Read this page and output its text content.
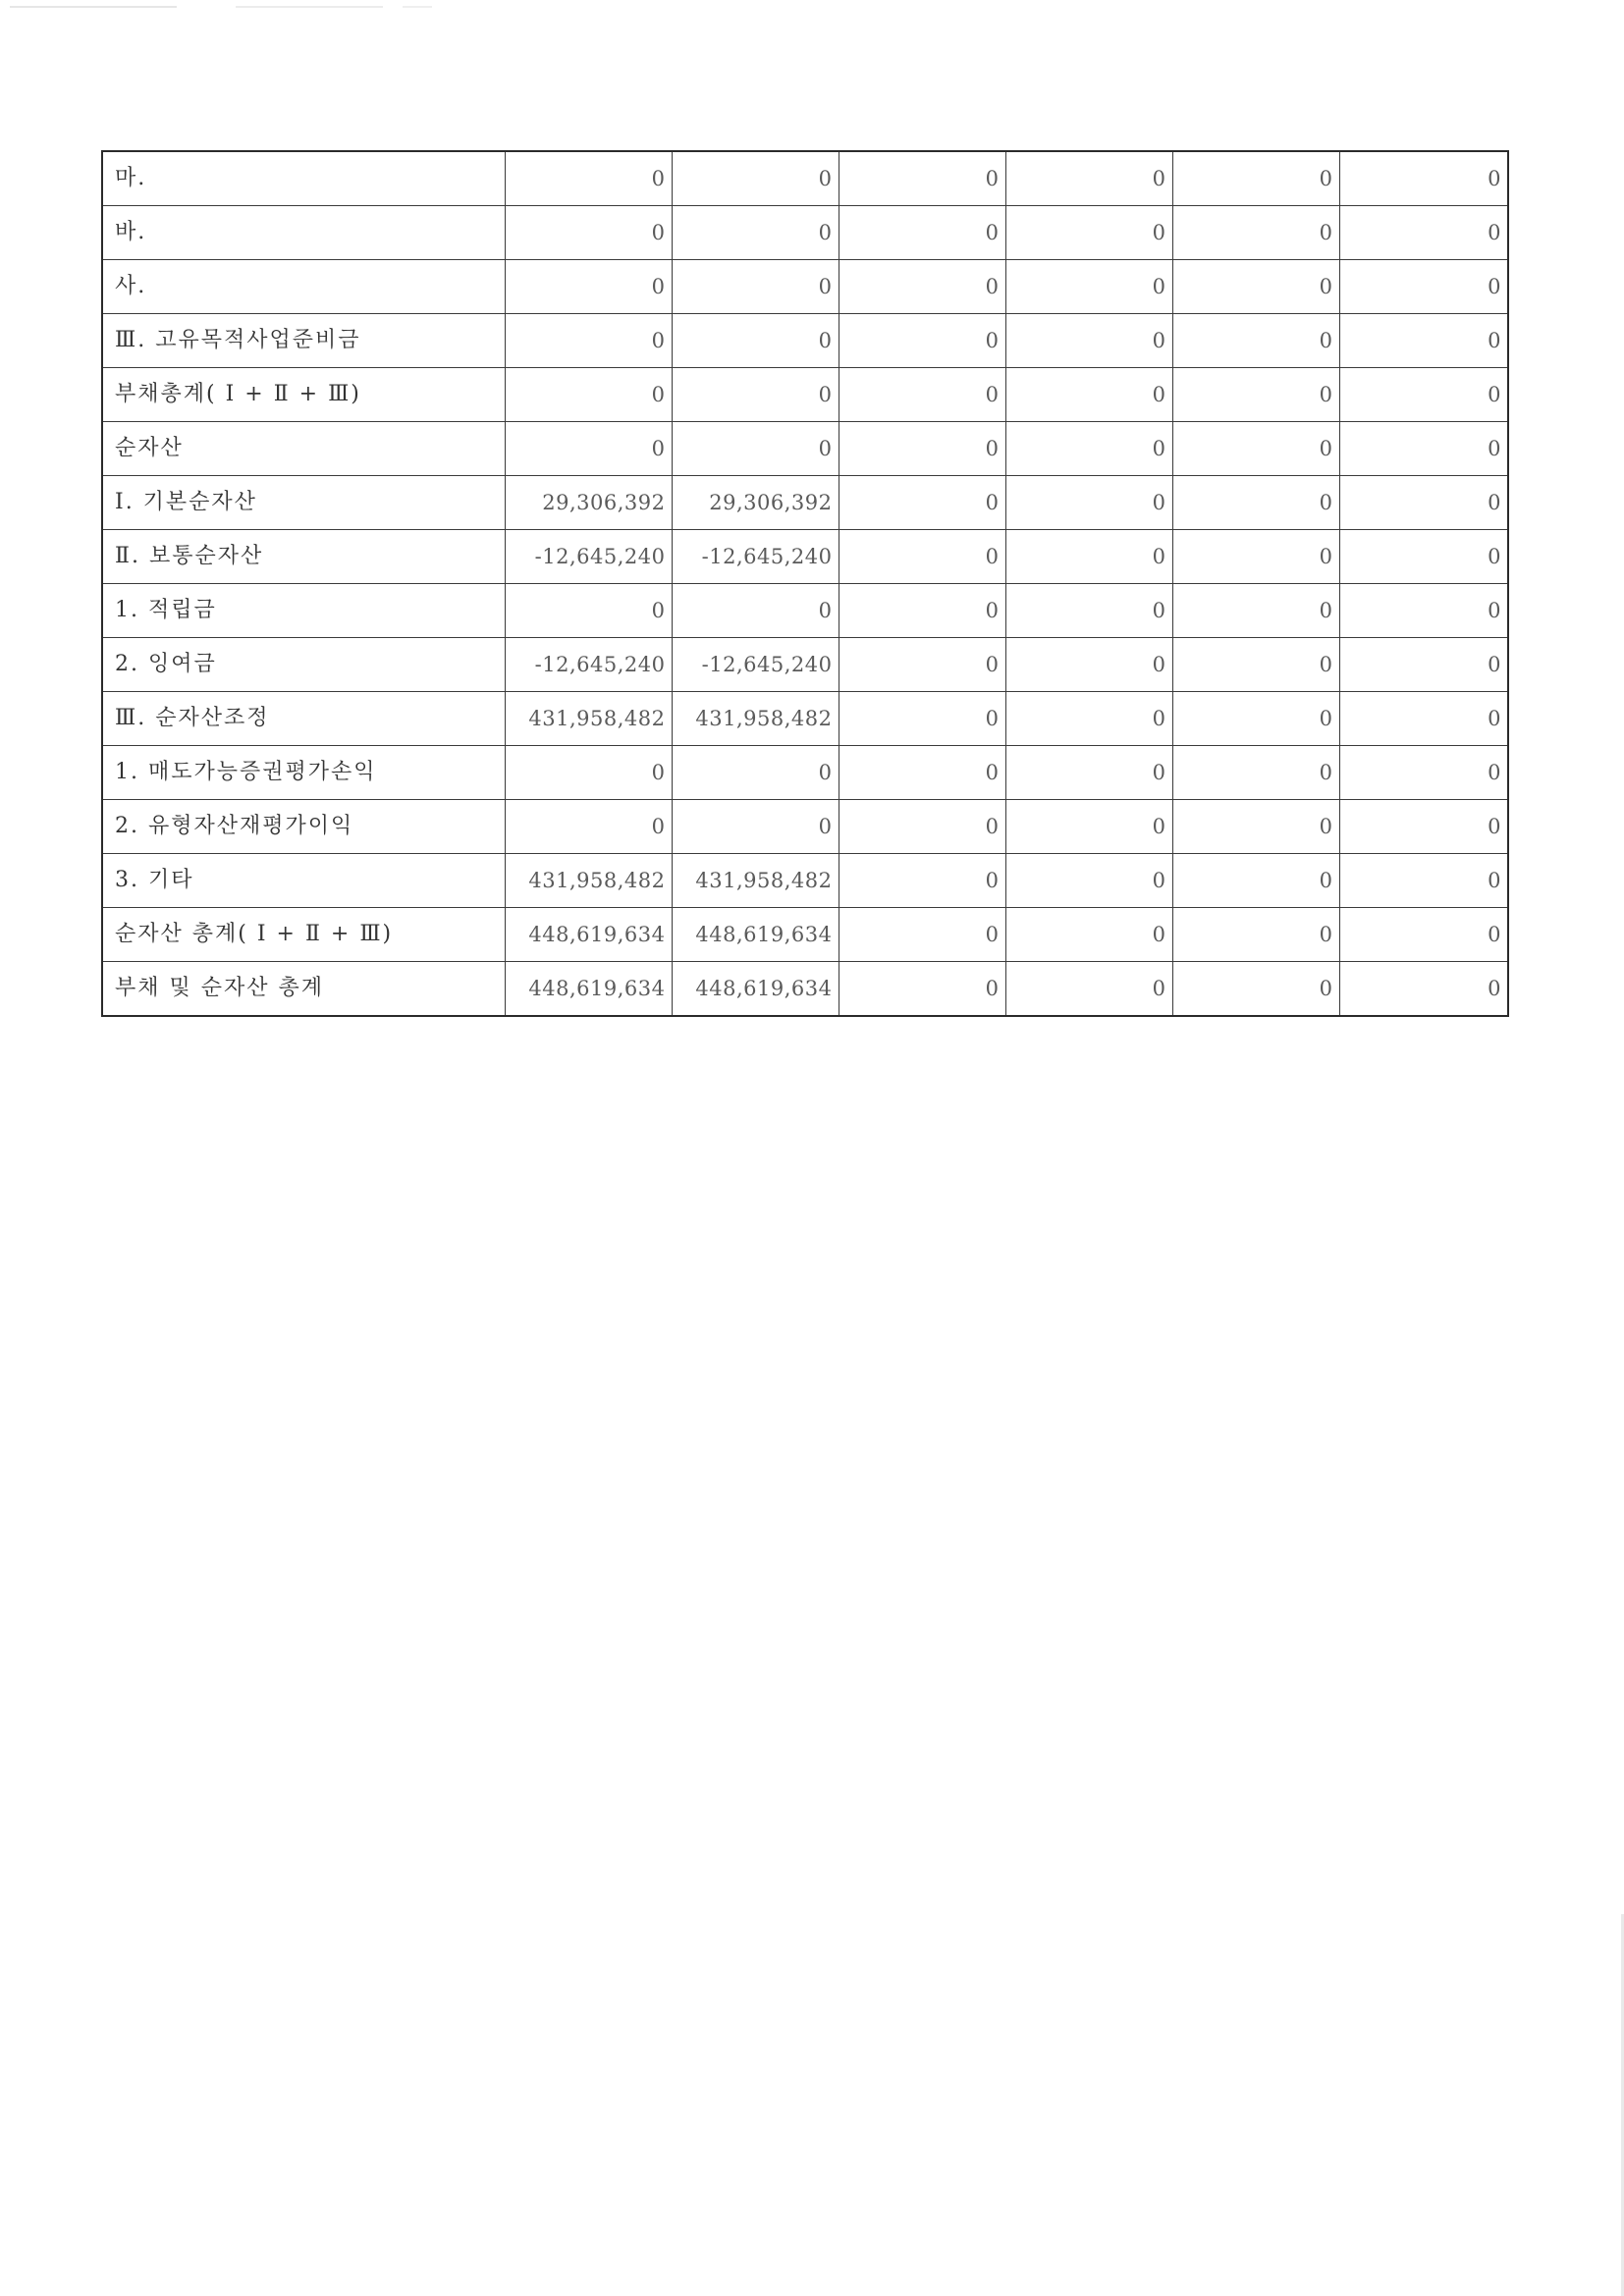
마.	0	0	0	0	0	0
바.	0	0	0	0	0	0
사.	0	0	0	0	0	0
Ⅲ. 고유목적사업준비금	0	0	0	0	0	0
부채총계( Ⅰ + Ⅱ + Ⅲ)	0	0	0	0	0	0
순자산	0	0	0	0	0	0
Ⅰ. 기본순자산	29,306,392	29,306,392	0	0	0	0
Ⅱ. 보통순자산	-12,645,240	-12,645,240	0	0	0	0
1. 적립금	0	0	0	0	0	0
2. 잉여금	-12,645,240	-12,645,240	0	0	0	0
Ⅲ. 순자산조정	431,958,482	431,958,482	0	0	0	0
1. 매도가능증권평가손익	0	0	0	0	0	0
2. 유형자산재평가이익	0	0	0	0	0	0
3. 기타	431,958,482	431,958,482	0	0	0	0
순자산 총계( Ⅰ + Ⅱ + Ⅲ)	448,619,634	448,619,634	0	0	0	0
부채 및 순자산 총계	448,619,634	448,619,634	0	0	0	0
